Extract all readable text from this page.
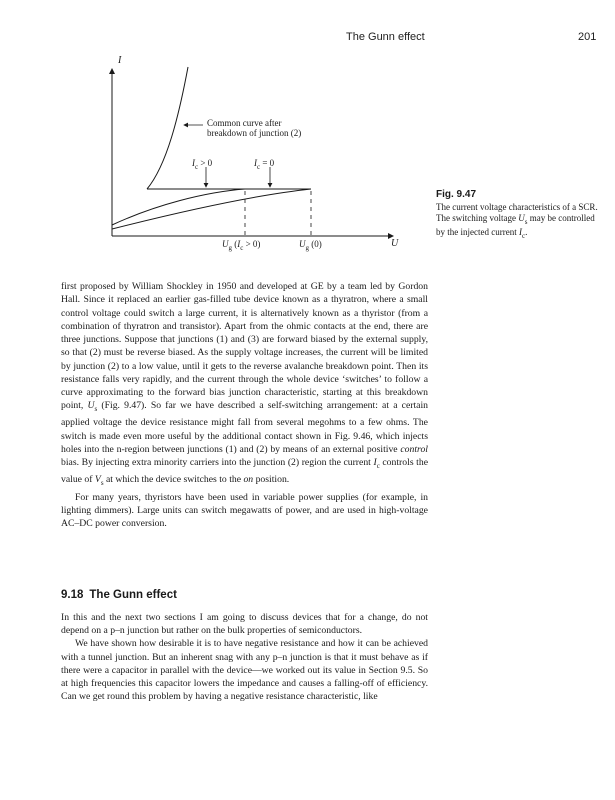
The Gunn effect	201
I
U
Common curve after
breakdown of junction (2)
$I_c > 0$	$I_c = 0$
$U_g$ $(I_c > 0)$	$U_g$ (0)
Fig. 9.47
The current voltage characteristics of a SCR. The switching voltage $U_s$ may be controlled by the injected current $I_c$.

first proposed by William Shockley in 1950 and developed at GE by a team led by Gordon Hall. Since it replaced an earlier gas-filled tube device known as a thyratron, where a small control voltage could switch a large current, it is alternatively known as a thyristor (from a combination of thyratron and transistor). Apart from the ohmic contacts at the end, there are three junctions. Suppose that junctions (1) and (3) are forward biased by the external supply, so that (2) must be reverse biased. As the supply voltage increases, the current will be limited by junction (2) to a low value, until it gets to the reverse avalanche breakdown point. Then its resistance falls very rapidly, and the current through the whole device ‘switches’ to follow a curve approximating to the forward bias junction characteristic, starting at this breakdown point, $U_s$ (Fig. 9.47). So far we have described a self-switching arrangement: at a certain applied voltage the device resistance might fall from several megohms to a few ohms. The switch is made even more useful by the additional contact shown in Fig. 9.46, which injects holes into the n-region between junctions (1) and (2) by means of an external positive control bias. By injecting extra minority carriers into the junction (2) region the current $I_c$ controls the value of $V_s$ at which the device switches to the on position.

For many years, thyristors have been used in variable power supplies (for example, in lighting dimmers). Large units can switch megawatts of power, and are used in high-voltage AC–DC power conversion.

9.18 The Gunn effect

In this and the next two sections I am going to discuss devices that for a change, do not depend on a p–n junction but rather on the bulk properties of semiconductors.

We have shown how desirable it is to have negative resistance and how it can be achieved with a tunnel junction. But an inherent snag with any p–n junction is that it must behave as if there were a capacitor in parallel with the device—we worked out its value in Section 9.5. So at high frequencies this capacitor lowers the impedance and causes a falling-off of efficiency. Can we get round this problem by having a negative resistance characteristic, like
